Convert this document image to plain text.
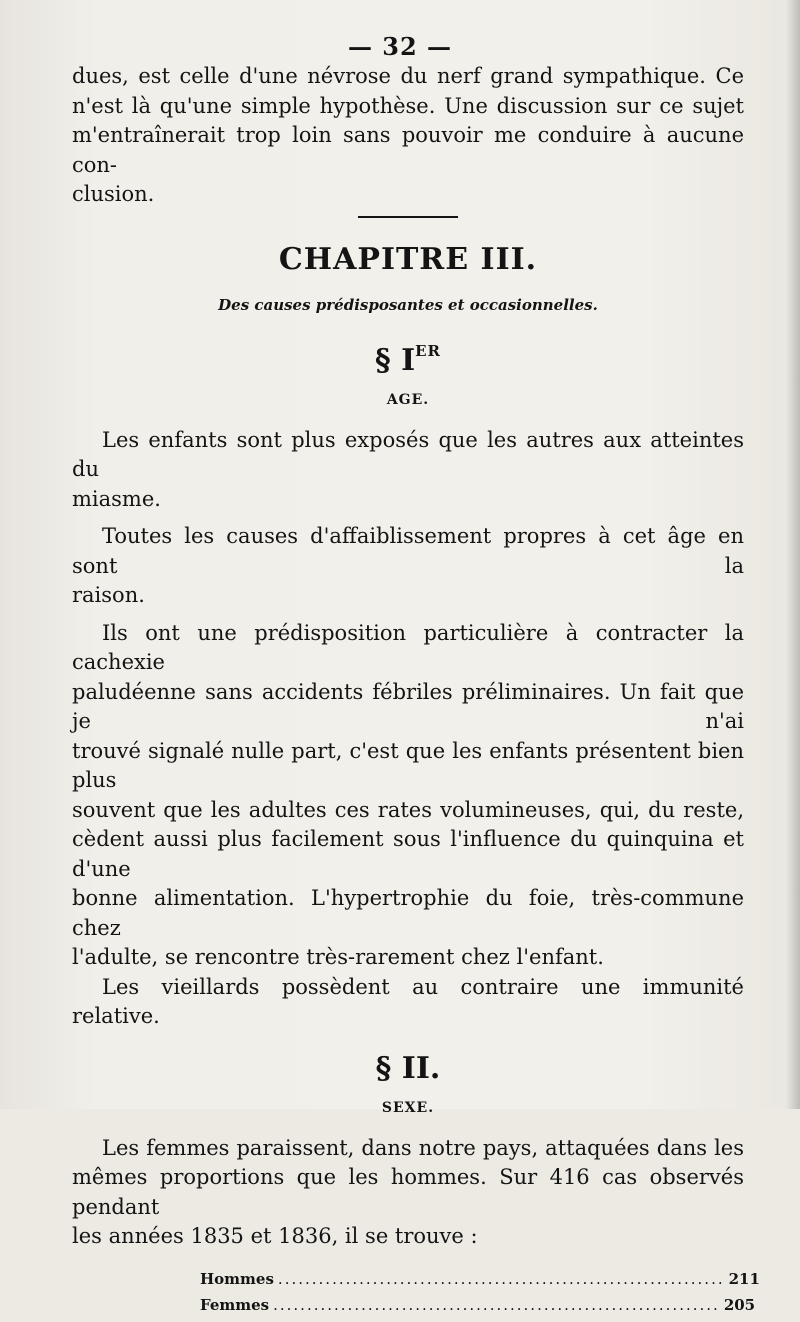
— 32 —

dues, est celle d'une névrose du nerf grand sympathique. Ce

n'est là qu'une simple hypothèse. Une discussion sur ce sujet

m'entraînerait trop loin sans pouvoir me conduire à aucune con-

clusion.

CHAPITRE III.
Des causes prédisposantes et occasionnelles.
§ IER
AGE.

Les enfants sont plus exposés que les autres aux atteintes du

miasme.

Toutes les causes d'affaiblissement propres à cet âge en sont la

raison.

Ils ont une prédisposition particulière à contracter la cachexie

paludéenne sans accidents fébriles préliminaires. Un fait que je n'ai

trouvé signalé nulle part, c'est que les enfants présentent bien plus

souvent que les adultes ces rates volumineuses, qui, du reste,

cèdent aussi plus facilement sous l'influence du quinquina et d'une

bonne alimentation. L'hypertrophie du foie, très-commune chez

l'adulte, se rencontre très-rarement chez l'enfant.

Les vieillards possèdent au contraire une immunité relative.

§ II.
SEXE.

Les femmes paraissent, dans notre pays, attaquées dans les

mêmes proportions que les hommes. Sur 416 cas observés pendant

les années 1835 et 1836, il se trouve :

Hommes .................................................................. 211
Femmes .................................................................. 205
